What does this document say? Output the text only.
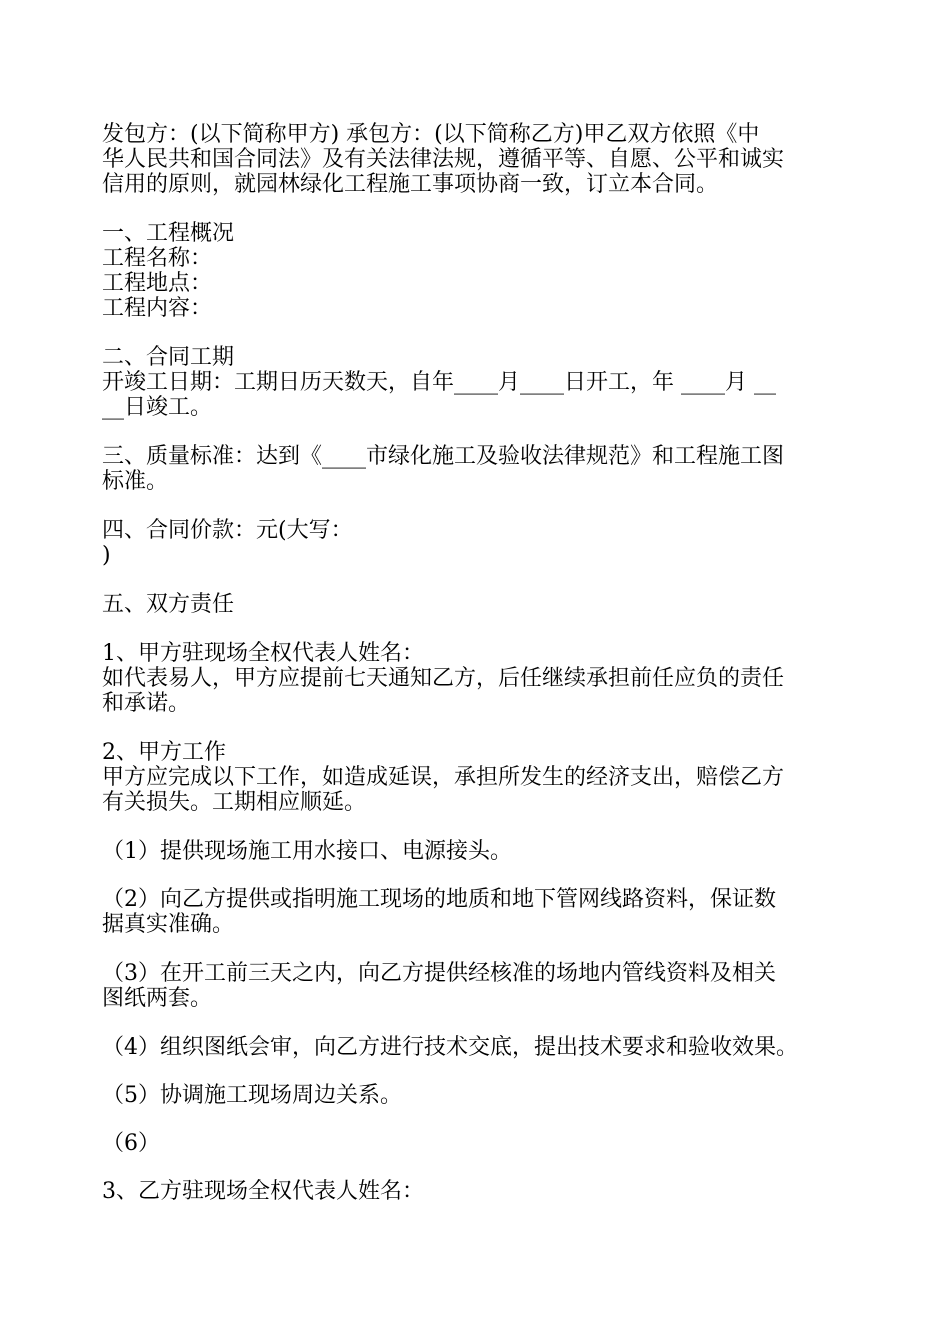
发包方：(以下简称甲方) 承包方：(以下简称乙方)甲乙双方依照《中
华人民共和国合同法》及有关法律法规，遵循平等、自愿、公平和诚实
信用的原则，就园林绿化工程施工事项协商一致，订立本合同。
一、工程概况
工程名称：
工程地点：
工程内容：
二、合同工期
开竣工日期：工期日历天数天，自年____月____日开工，年 ____月 __
__日竣工。
三、质量标准：达到《____市绿化施工及验收法律规范》和工程施工图
标准。
四、合同价款：元(大写：
)
五、双方责任
1、甲方驻现场全权代表人姓名：
如代表易人，甲方应提前七天通知乙方，后任继续承担前任应负的责任
和承诺。
2、甲方工作
甲方应完成以下工作，如造成延误，承担所发生的经济支出，赔偿乙方
有关损失。工期相应顺延。
（1）提供现场施工用水接口、电源接头。
（2）向乙方提供或指明施工现场的地质和地下管网线路资料，保证数
据真实准确。
（3）在开工前三天之内，向乙方提供经核准的场地内管线资料及相关
图纸两套。
（4）组织图纸会审，向乙方进行技术交底，提出技术要求和验收效果。
（5）协调施工现场周边关系。
（6）
3、乙方驻现场全权代表人姓名：
